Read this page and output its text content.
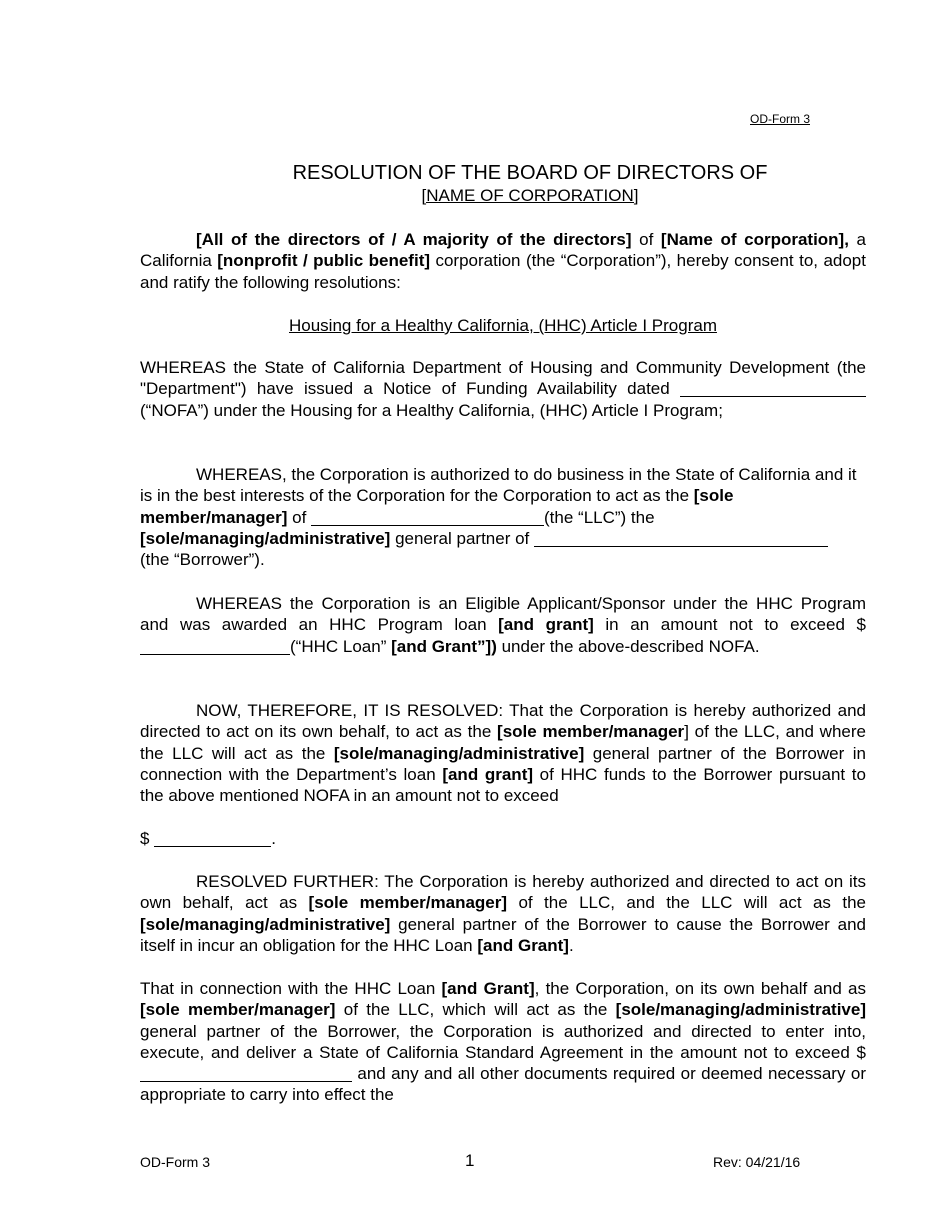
OD-Form 3
RESOLUTION OF THE BOARD OF DIRECTORS OF
[NAME OF CORPORATION]
[All of the directors of / A majority of the directors] of [Name of corporation], a California [nonprofit / public benefit] corporation (the “Corporation”), hereby consent to, adopt and ratify the following resolutions:
Housing for a Healthy California, (HHC) Article I Program
WHEREAS the State of California Department of Housing and Community Development (the "Department") have issued a Notice of Funding Availability dated (“NOFA”) under the Housing for a Healthy California, (HHC) Article I Program;
WHEREAS, the Corporation is authorized to do business in the State of California and it is in the best interests of the Corporation for the Corporation to act as the [sole member/manager] of	(the “LLC”) the
[sole/managing/administrative] general partner of
(the “Borrower”).
WHEREAS the Corporation is an Eligible Applicant/Sponsor under the HHC Program and was awarded an HHC Program loan [and grant] in an amount not to exceed $(“HHC Loan” [and Grant”]) under the above-described NOFA.
NOW, THEREFORE, IT IS RESOLVED: That the Corporation is hereby authorized and directed to act on its own behalf, to act as the [sole member/manager] of the LLC, and where the LLC will act as the [sole/managing/administrative] general partner of the Borrower in connection with the Department’s loan [and grant] of HHC funds to the Borrower pursuant to the above mentioned NOFA in an amount not to exceed
$	.
RESOLVED FURTHER: The Corporation is hereby authorized and directed to act on its own behalf, act as [sole member/manager] of the LLC, and the LLC will act as the [sole/managing/administrative] general partner of the Borrower to cause the Borrower and itself in incur an obligation for the HHC Loan [and Grant].
That in connection with the HHC Loan [and Grant], the Corporation, on its own behalf and as [sole member/manager] of the LLC, which will act as the [sole/managing/administrative] general partner of the Borrower, the Corporation is authorized and directed to enter into, execute, and deliver a State of California Standard Agreement in the amount not to exceed $  and any and all other documents required or deemed necessary or appropriate to carry into effect the
OD-Form 3	1	Rev: 04/21/16
